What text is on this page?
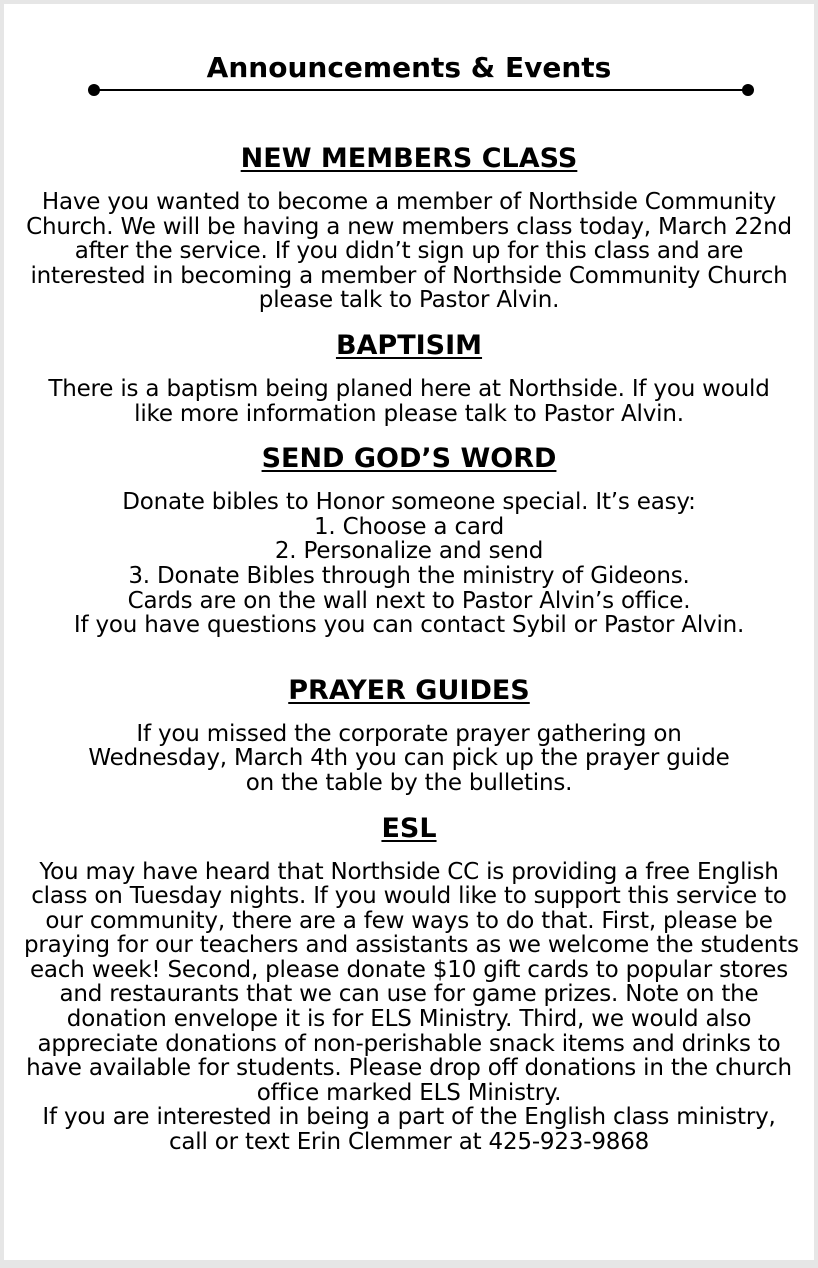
Announcements & Events
NEW MEMBERS CLASS

Have you wanted to become a member of Northside Community
Church. We will be having a new members class today, March 22nd
after the service. If you didn’t sign up for this class and are
interested in becoming a member of Northside Community Church
please talk to Pastor Alvin.

BAPTISIM

There is a baptism being planed here at Northside. If you would
like more information please talk to Pastor Alvin.

SEND GOD’S WORD

Donate bibles to Honor someone special. It’s easy:
1. Choose a card
2. Personalize and send
3. Donate Bibles through the ministry of Gideons.
Cards are on the wall next to Pastor Alvin’s office.
If you have questions you can contact Sybil or Pastor Alvin.

PRAYER GUIDES

If you missed the corporate prayer gathering on
Wednesday, March 4th you can pick up the prayer guide
on the table by the bulletins.

ESL

You may have heard that Northside CC is providing a free English
class on Tuesday nights. If you would like to support this service to
our community, there are a few ways to do that. First, please be
praying for our teachers and assistants as we welcome the students
each week! Second, please donate $10 gift cards to popular stores
and restaurants that we can use for game prizes. Note on the
donation envelope it is for ELS Ministry. Third, we would also
appreciate donations of non-perishable snack items and drinks to
have available for students. Please drop off donations in the church
office marked ELS Ministry.
If you are interested in being a part of the English class ministry,
call or text Erin Clemmer at 425-923-9868
